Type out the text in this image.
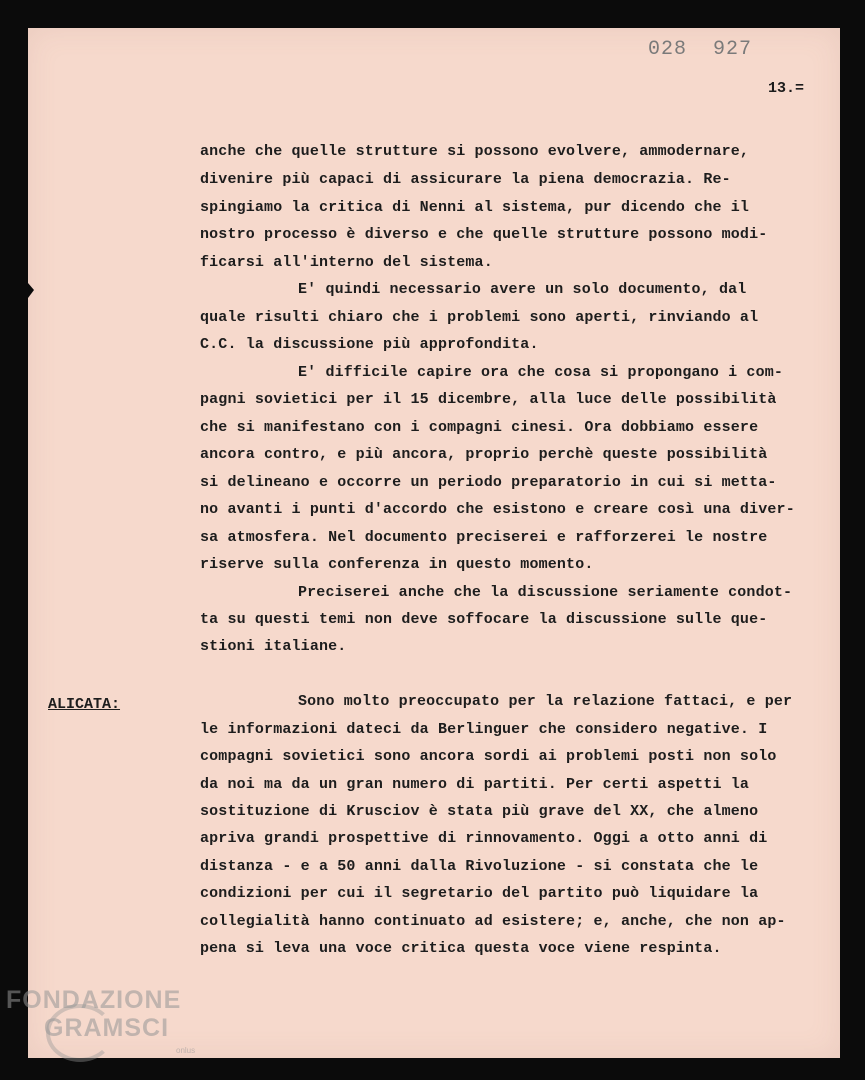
028 927
13.=
anche che quelle strutture si possono evolvere, ammodernare,
divenire più capaci di assicurare la piena democrazia. Re-
spingiamo la critica di Nenni al sistema, pur dicendo che il
nostro processo è diverso e che quelle strutture possono modi-
ficarsi all'interno del sistema.
E' quindi necessario avere un solo documento, dal
quale risulti chiaro che i problemi sono aperti, rinviando al
C.C. la discussione più approfondita.
E' difficile capire ora che cosa si propongano i com-
pagni sovietici per il 15 dicembre, alla luce delle possibilità
che si manifestano con i compagni cinesi. Ora dobbiamo essere
ancora contro, e più ancora, proprio perchè queste possibilità
si delineano e occorre un periodo preparatorio in cui si metta-
no avanti i punti d'accordo che esistono e creare così una diver-
sa atmosfera. Nel documento preciserei e rafforzerei le nostre
riserve sulla conferenza in questo momento.
Preciserei anche che la discussione seriamente condot-
ta su questi temi non deve soffocare la discussione sulle que-
stioni italiane.
Sono molto preoccupato per la relazione fattaci, e per
le informazioni dateci da Berlinguer che considero negative. I
compagni sovietici sono ancora sordi ai problemi posti non solo
da noi ma da un gran numero di partiti. Per certi aspetti la
sostituzione di Krusciov è stata più grave del XX, che almeno
apriva grandi prospettive di rinnovamento. Oggi a otto anni di
distanza - e a 50 anni dalla Rivoluzione - si constata che le
condizioni per cui il segretario del partito può liquidare la
collegialità hanno continuato ad esistere; e, anche, che non ap-
pena si leva una voce critica questa voce viene respinta.
ALICATA:
FONDAZIONE
GRAMSCI
onlus
